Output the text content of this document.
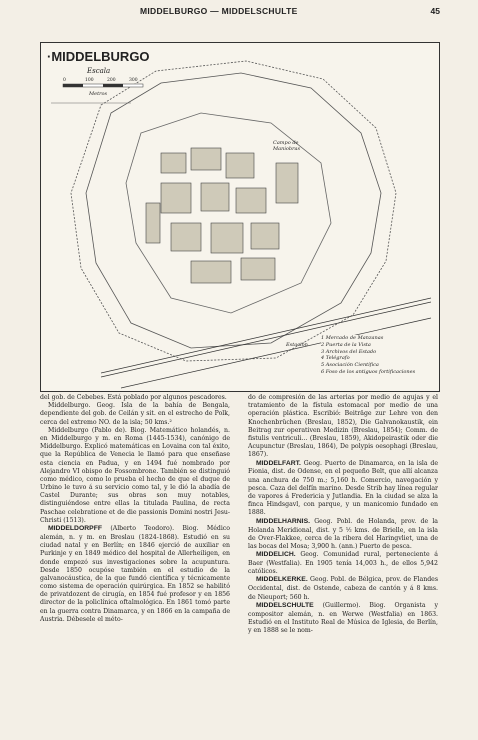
MIDDELBURGO — MIDDELSCHULTE	45
·MIDDELBURGO
Escala
0	100	200	300
Metros
Campo de
Maniobras
Estación
1 Mercado de Manzanas
2 Puerta de la Vista
3 Archivos del Estado
4 Telégrafo
5 Asociación Científica
6 Foso de los antiguos fortificaciones

del gob. de Cebebes. Está poblado por algunos pescadores.

Middelburgo. Geog. Isla de la bahía de Bengala, dependiente del gob. de Ceilán y sit. en el estrecho de Polk, cerca del extremo NO. de la isla; 50 kms.²

Middelburgo (Pablo de). Biog. Matemático holandés, n. en Middelburgo y m. en Roma (1445-1534), canónigo de Middelburgo. Explicó matemáticas en Lovaina con tal éxito, que la República de Venecia le llamó para que enseñase esta ciencia en Padua, y en 1494 fué nombrado por Alejandro VI obispo de Fossombrone. También se distinguió como médico, como lo prueba el hecho de que el duque de Urbino le tuvo á su servicio como tal, y le dió la abadía de Castel Durante; sus obras son muy notables, distinguiéndose entre ellas la titulada Paulina, de recta Paschae celebratione et de die passionis Domini nostri Jesu-Christi (1513).

MIDDELDORPFF (Alberto Teodoro). Biog. Médico alemán, n. y m. en Breslau (1824-1868). Estudió en su ciudad natal y en Berlín; en 1846 ejerció de auxiliar en Purkinje y en 1849 médico del hospital de Allerheiligen, en donde empezó sus investigaciones sobre la acupuntura. Desde 1850 ocupóse también en el estudio de la galvanocáustica, de la que fundó científica y técnicamente como sistema de operación quirúrgica. En 1852 se habilitó de privatdozent de cirugía, en 1854 fué profesor y en 1856 director de la policlínica oftalmológica. En 1861 tomó parte en la guerra contra Dinamarca, y en 1866 en la campaña de Austria. Débesele el méto-

do de compresión de las arterias por medio de agujas y el tratamiento de la fístula estomacal por medio de una operación plástica. Escribió: Beiträge zur Lehre von den Knochenbrüchen (Breslau, 1852), Die Galvanokaustik, ein Beitrag zur operativen Medizin (Breslau, 1854); Comm. de fistulis ventriculi... (Breslau, 1859), Akidopeirastik oder die Acupunctur (Breslau, 1864), De polypis oesophagi (Breslau, 1867).

MIDDELFART. Geog. Puerto de Dinamarca, en la isla de Fionia, dist. de Odense, en el pequeño Belt, que allí alcanza una anchura de 750 m.; 5,160 h. Comercio, navegación y pesca. Caza del delfín marino. Desde Strib hay línea regular de vapores á Fredericia y Jutlandia. En la ciudad se alza la finca Hindsgavl, con parque, y un manicomio fundado en 1888.

MIDDELHARNIS. Geog. Pobl. de Holanda, prov. de la Holanda Meridional, dist. y 5 ½ kms. de Brielle, en la isla de Over-Flakkee, cerca de la ribera del Haringvliet, una de las bocas del Mosa; 3,900 h. (ann.) Puerto de pesca.

MIDDELICH. Geog. Comunidad rural, perteneciente á Baer (Westfalia). En 1905 tenía 14,003 h., de ellos 5,942 católicos.

MIDDELKERKE. Geog. Pobl. de Bélgica, prov. de Flandes Occidental, dist. de Ostende, cabeza de cantón y á 8 kms. de Nieuport; 560 h.

MIDDELSCHULTE (Guillermo). Biog. Organista y compositor alemán, n. en Werwe (Westfalia) en 1863. Estudió en el Instituto Real de Música de Iglesia, de Berlín, y en 1888 se le nom-
